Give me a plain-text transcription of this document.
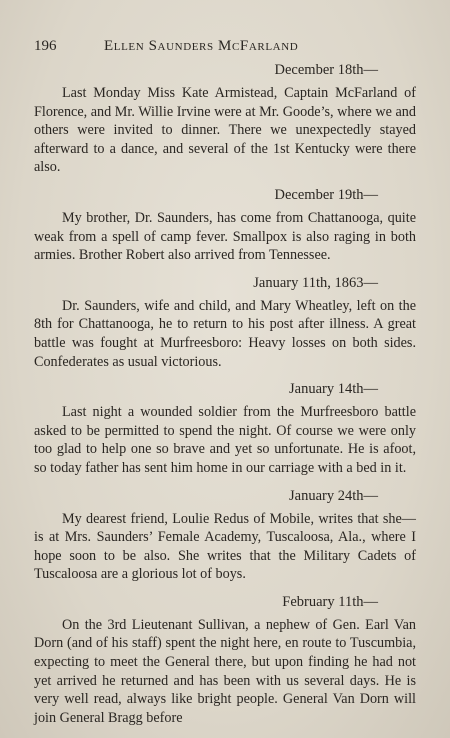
196	Ellen Saunders McFarland
December 18th—

Last Monday Miss Kate Armistead, Captain McFarland of Florence, and Mr. Willie Irvine were at Mr. Goode’s, where we and others were invited to dinner. There we unexpectedly stayed afterward to a dance, and several of the 1st Kentucky were there also.

December 19th—

My brother, Dr. Saunders, has come from Chattanooga, quite weak from a spell of camp fever. Smallpox is also raging in both armies. Brother Robert also arrived from Tennessee.

January 11th, 1863—

Dr. Saunders, wife and child, and Mary Wheatley, left on the 8th for Chattanooga, he to return to his post after illness. A great battle was fought at Murfreesboro: Heavy losses on both sides. Confederates as usual victorious.

January 14th—

Last night a wounded soldier from the Murfreesboro battle asked to be permitted to spend the night. Of course we were only too glad to help one so brave and yet so unfortunate. He is afoot, so today father has sent him home in our carriage with a bed in it.

January 24th—

My dearest friend, Loulie Redus of Mobile, writes that she—is at Mrs. Saunders’ Female Academy, Tuscaloosa, Ala., where I hope soon to be also. She writes that the Military Cadets of Tuscaloosa are a glorious lot of boys.

February 11th—

On the 3rd Lieutenant Sullivan, a nephew of Gen. Earl Van Dorn (and of his staff) spent the night here, en route to Tuscumbia, expecting to meet the General there, but upon finding he had not yet arrived he returned and has been with us several days. He is very well read, always like bright people. General Van Dorn will join General Bragg before
